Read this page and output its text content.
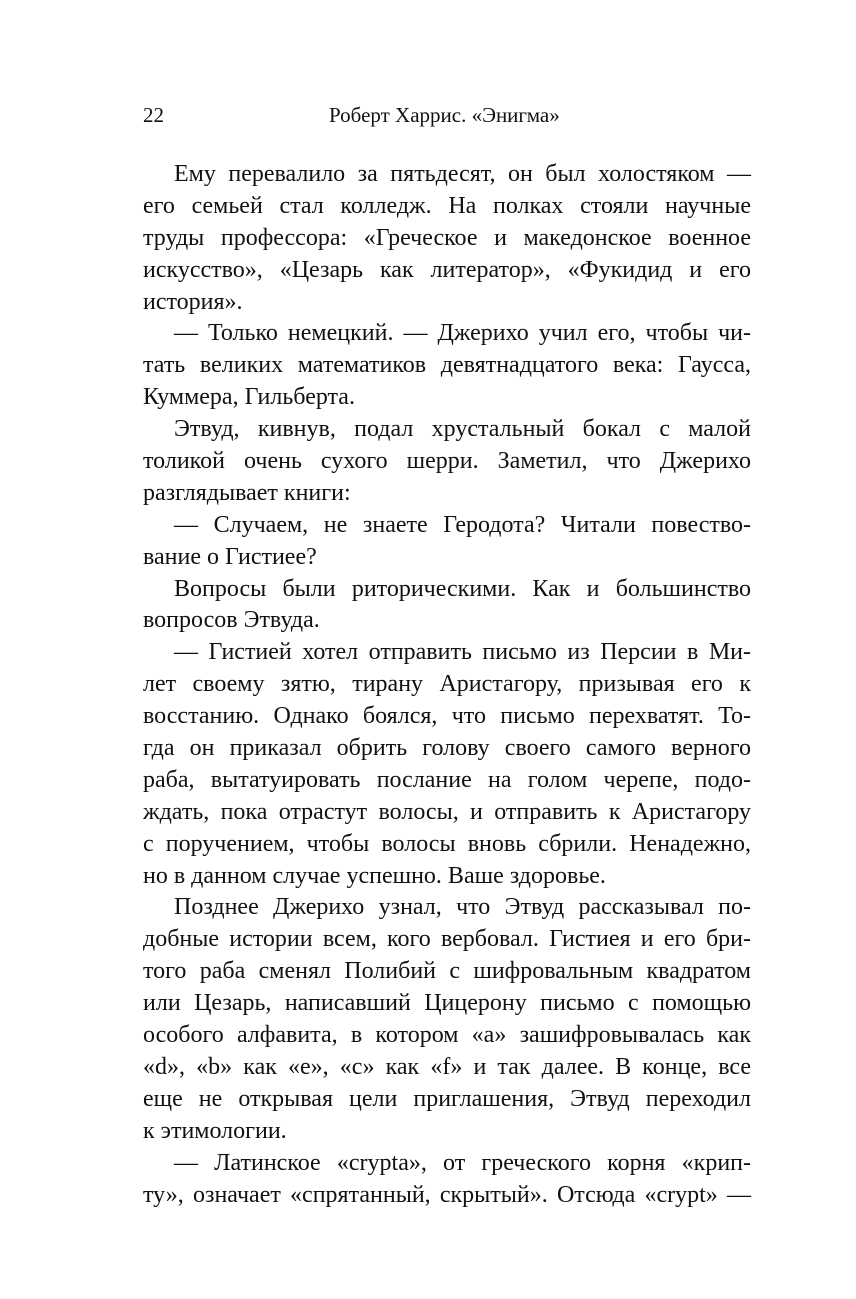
22	Роберт Харрис. «Энигма»
Ему перевалило за пятьдесят, он был холостяком —
его семьей стал колледж. На полках стояли научные
труды профессора: «Греческое и македонское военное
искусство», «Цезарь как литератор», «Фукидид и его
история».
— Только немецкий. — Джерихо учил его, чтобы чи-
тать великих математиков девятнадцатого века: Гаусса,
Куммера, Гильберта.
Этвуд, кивнув, подал хрустальный бокал с малой
толикой очень сухого шерри. Заметил, что Джерихо
разглядывает книги:
— Случаем, не знаете Геродота? Читали повество-
вание о Гистиее?
Вопросы были риторическими. Как и большинство
вопросов Этвуда.
— Гистией хотел отправить письмо из Персии в Ми-
лет своему зятю, тирану Аристагору, призывая его к
восстанию. Однако боялся, что письмо перехватят. То-
гда он приказал обрить голову своего самого верного
раба, вытатуировать послание на голом черепе, подо-
ждать, пока отрастут волосы, и отправить к Аристагору
с поручением, чтобы волосы вновь сбрили. Ненадежно,
но в данном случае успешно. Ваше здоровье.
Позднее Джерихо узнал, что Этвуд рассказывал по-
добные истории всем, кого вербовал. Гистиея и его бри-
того раба сменял Полибий с шифровальным квадратом
или Цезарь, написавший Цицерону письмо с помощью
особого алфавита, в котором «a» зашифровывалась как
«d», «b» как «e», «c» как «f» и так далее. В конце, все
еще не открывая цели приглашения, Этвуд переходил
к этимологии.
— Латинское «crypta», от греческого корня «крип-
ту», означает «спрятанный, скрытый». Отсюда «crypt» —
